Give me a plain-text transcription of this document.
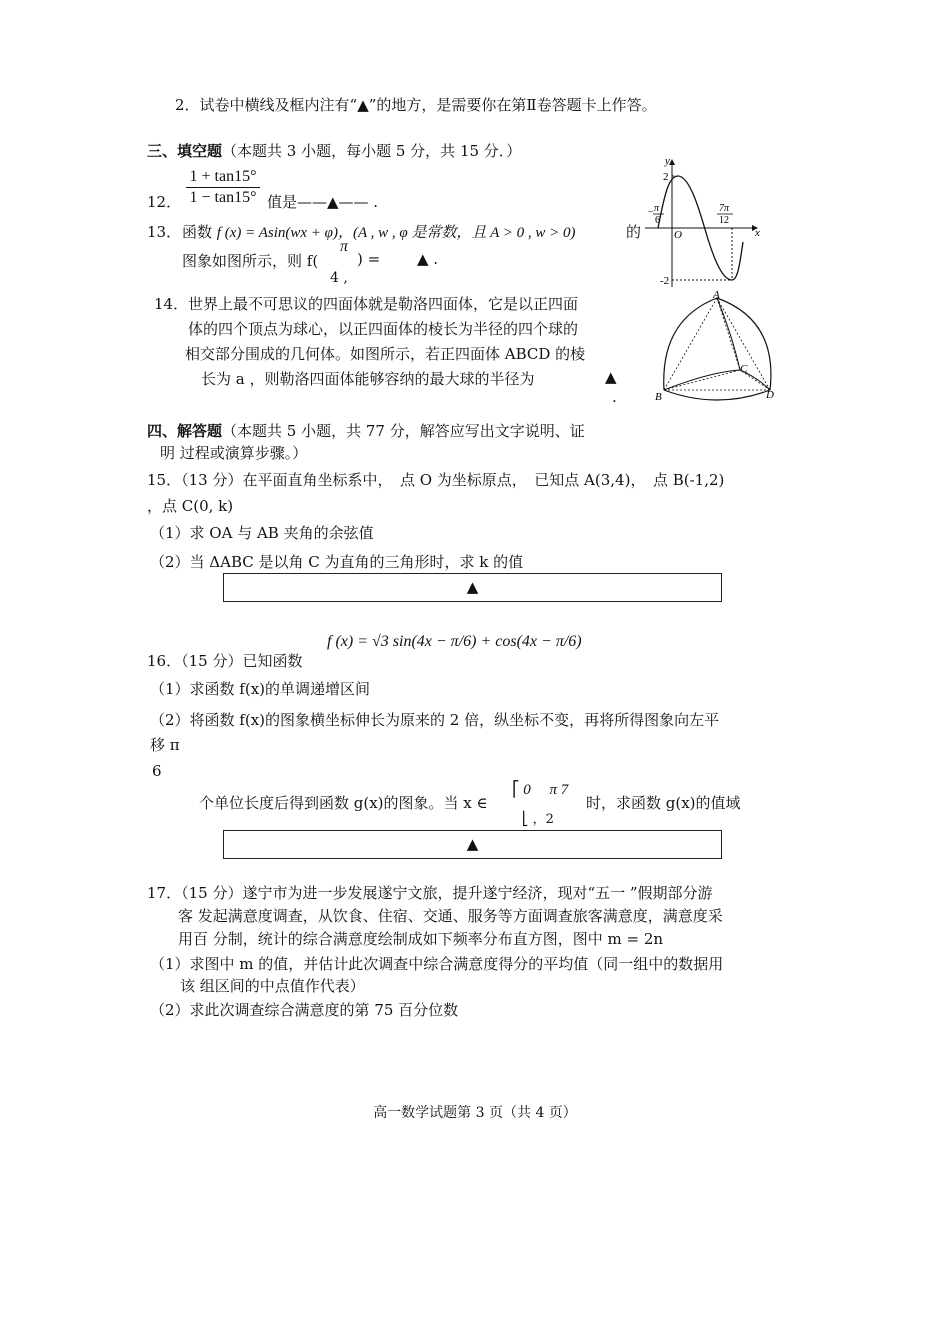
2．试卷中横线及框内注有“▲”的地方，是需要你在第Ⅱ卷答题卡上作答。
三、填空题（本题共 3 小题，每小题 5 分，共 15 分．）
12． $\frac{1 + \tan 15^\circ}{1 - \tan 15^\circ}$ 值是——▲—— .
13． 函数 f (x) = Asin(wx + φ)，(A , w , φ 是常数，且 A > 0 , w > 0)	的
图象如图所示，则 f(
π
4 ,
) = ▲ .
14． 世界上最不可思议的四面体就是勒洛四面体，它是以正四面
体的四个顶点为球心，以正四面体的棱长为半径的四个球的
相交部分围成的几何体。如图所示，若正四面体 ABCD 的棱
长为 a ，则勒洛四面体能够容纳的最大球的半径为	▲
.
y
x
O
2
-2
− π
6
7π
12
A
B
C
D
四、解答题（本题共 5 小题，共 77 分，解答应写出文字说明、证
明 过程或演算步骤。）
15．（13 分）在平面直角坐标系中，　点 O 为坐标原点，　已知点 A(3,4)，　点 B(-1,2)
，点 C(0, k)
（1）求 OA 与 AB 夹角的余弦值
（2）当 ΔABC 是以角 C 为直角的三角形时，求 k 的值
▲
16．（15 分）已知函数
f (x) = √3 sin(4x − π/6) + cos(4x − π/6)
（1）求函数 f(x)的单调递增区间
（2）将函数 f(x)的图象横坐标伸长为原来的 2 倍，纵坐标不变，再将所得图象向左平
移 π
6
个单位长度后得到函数 g(x)的图象。当 x ∈
⎡ 0　 π 7
⎣ ，2
时，求函数 g(x)的值域
▲
17．（15 分）遂宁市为进一步发展遂宁文旅，提升遂宁经济，现对“五一 ”假期部分游
客 发起满意度调查，从饮食、住宿、交通、服务等方面调查旅客满意度，满意度采
用百 分制，统计的综合满意度绘制成如下频率分布直方图，图中 m = 2n
（1）求图中 m 的值，并估计此次调查中综合满意度得分的平均值（同一组中的数据用
该 组区间的中点值作代表）
（2）求此次调查综合满意度的第 75 百分位数
高一数学试题第 3 页（共 4 页）
